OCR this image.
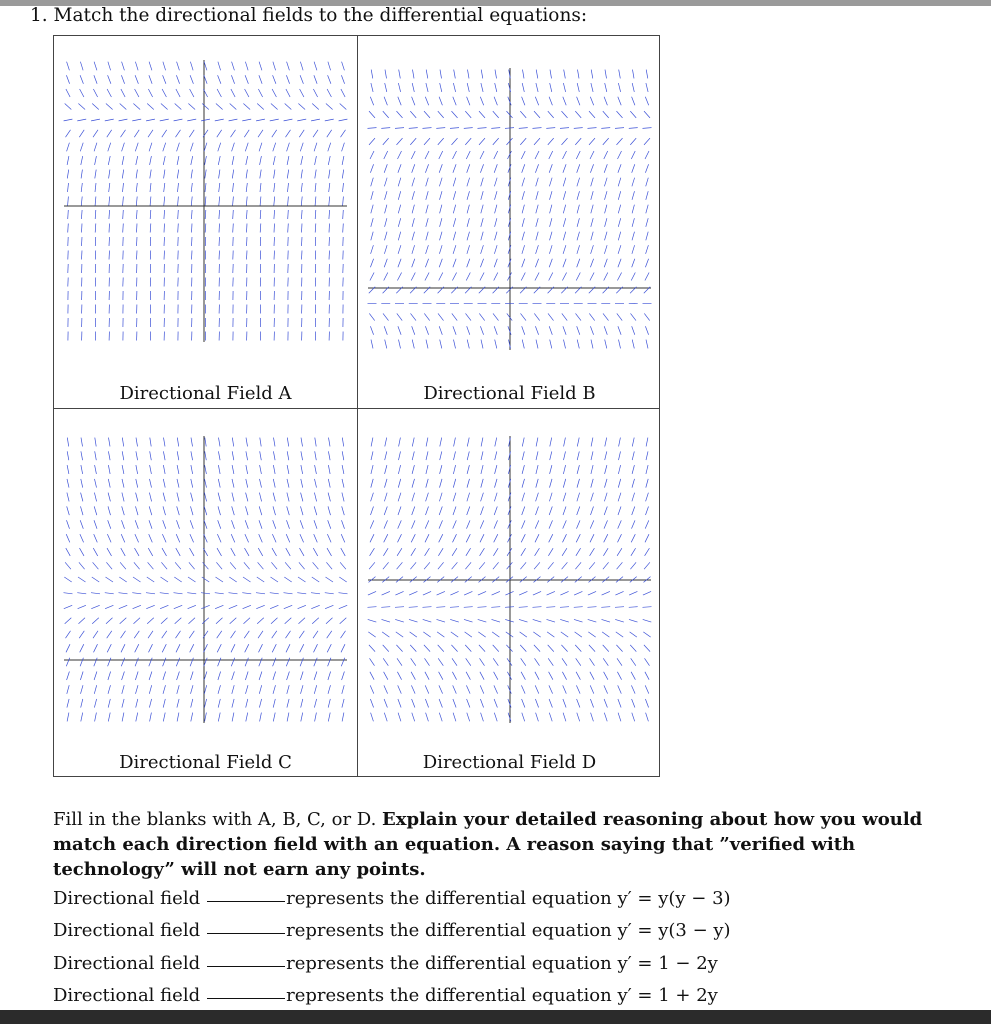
1. Match the directional fields to the differential equations:
Directional Field A	Directional Field B
Directional Field C	Directional Field D
Fill in the blanks with A, B, C, or D. Explain your detailed reasoning about how you would match each direction field with an equation. A reason saying that ”verified with technology” will not earn any points.
Directional field	represents the differential equation y′ = y(y − 3)
Directional field	represents the differential equation y′ = y(3 − y)
Directional field	represents the differential equation y′ = 1 − 2y
Directional field	represents the differential equation y′ = 1 + 2y
